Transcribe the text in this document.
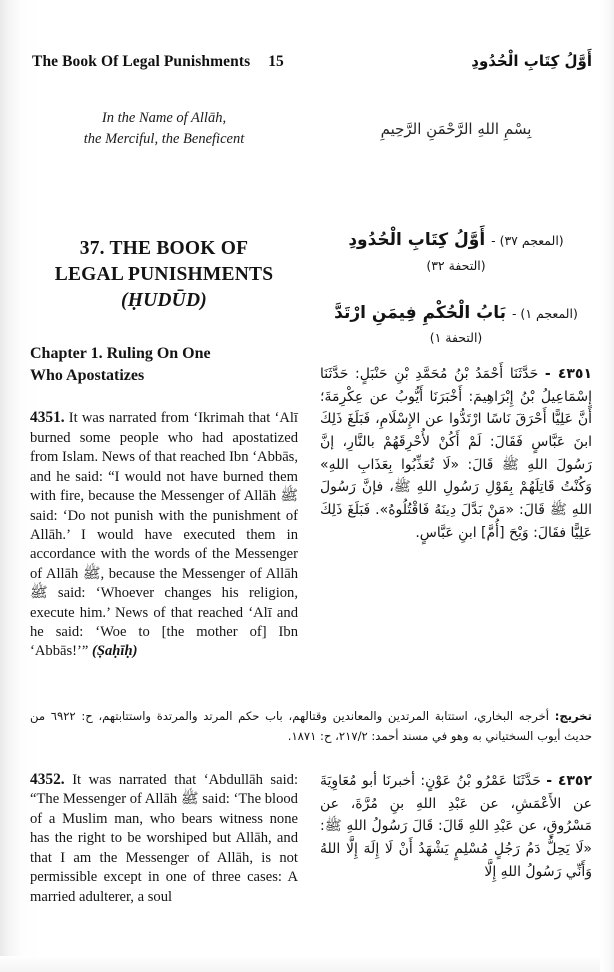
The Book Of Legal Punishments 15	أَوَّلُ كِتَابِ الْحُدُودِ
In the Name of Allāh,
the Merciful, the Beneficent
37. THE BOOK OF
LEGAL PUNISHMENTS
(ḤUDŪD)
Chapter 1. Ruling On One
Who Apostatizes

4351. It was narrated from ‘Ikrimah that ‘Alī burned some people who had apostatized from Islam. News of that reached Ibn ‘Abbās, and he said: “I would not have burned them with fire, because the Messenger of Allāh ﷺ said: ‘Do not punish with the punishment of Allāh.’ I would have executed them in accordance with the words of the Messenger of Allāh ﷺ, because the Messenger of Allāh ﷺ said: ‘Whoever changes his religion, execute him.’ News of that reached ‘Alī and he said: ‘Woe to [the mother of] Ibn ‘Abbās!’” (Ṣaḥīḥ)

بِسْمِ اللهِ الرَّحْمَنِ الرَّحِيمِ
(المعجم ٣٧) - أَوَّلُ كِتَابِ الْحُدُودِ
(التحفة ٣٢)
(المعجم ١) - بَابُ الْحُكْمِ فِيمَنِ ارْتَدَّ
(التحفة ١)

٤٣٥١ - حَدَّثَنَا أَحْمَدُ بْنُ مُحَمَّدِ بْنِ حَنْبَلٍ: حَدَّثَنَا إِسْمَاعِيلُ بْنُ إِبْرَاهِيمَ: أَخْبَرَنَا أَيُّوبُ عن عِكْرِمَةَ؛ أَنَّ عَلِيًّا أَحْرَقَ نَاسًا ارْتَدُّوا عن الإِسْلَامِ، فَبَلَغَ ذَلِكَ ابنَ عَبَّاسٍ فَقَالَ: لَمْ أَكُنْ لأُحْرِقَهُمْ بالنَّارِ، إنَّ رَسُولَ اللهِ ﷺ قَالَ: «لَا تُعَذِّبُوا بِعَذَابِ اللهِ» وَكُنْتُ قَاتِلَهُمْ بِقَوْلِ رَسُولِ اللهِ ﷺ، فإنَّ رَسُولَ اللهِ ﷺ قَالَ: «مَنْ بَدَّلَ دِينَهُ فَاقْتُلُوهُ». فَبَلَغَ ذَلِكَ عَلِيًّا فقَالَ: وَيْحَ [أُمَّ] ابنِ عَبَّاسٍ.

تخريج: أخرجه البخاري، استتابة المرتدين والمعاندين وقتالهم، باب حكم المرتد والمرتدة واستتابتهم، ح: ٦٩٢٢ من حديث أيوب السختياني به وهو في مسند أحمد: ٢١٧/٢، ح: ١٨٧١.

4352. It was narrated that ‘Abdullāh said: “The Messenger of Allāh ﷺ said: ‘The blood of a Muslim man, who bears witness none has the right to be worshiped but Allāh, and that I am the Messenger of Allāh, is not permissible except in one of three cases: A married adulterer, a soul

٤٣٥٢ - حَدَّثَنَا عَمْرُو بْنُ عَوْنٍ: أخبرنَا أبو مُعَاوِيَةَ عن الأَعْمَشِ، عن عَبْدِ اللهِ بنِ مُرَّةَ، عن مَسْرُوقٍ، عن عَبْدِ اللهِ قَالَ: قَالَ رَسُولُ اللهِ ﷺ: «لَا يَحِلُّ دَمُ رَجُلٍ مُسْلِمٍ يَشْهَدُ أَنْ لَا إِلَهَ إِلَّا اللهُ وَأَنِّي رَسُولُ اللهِ إِلَّا
